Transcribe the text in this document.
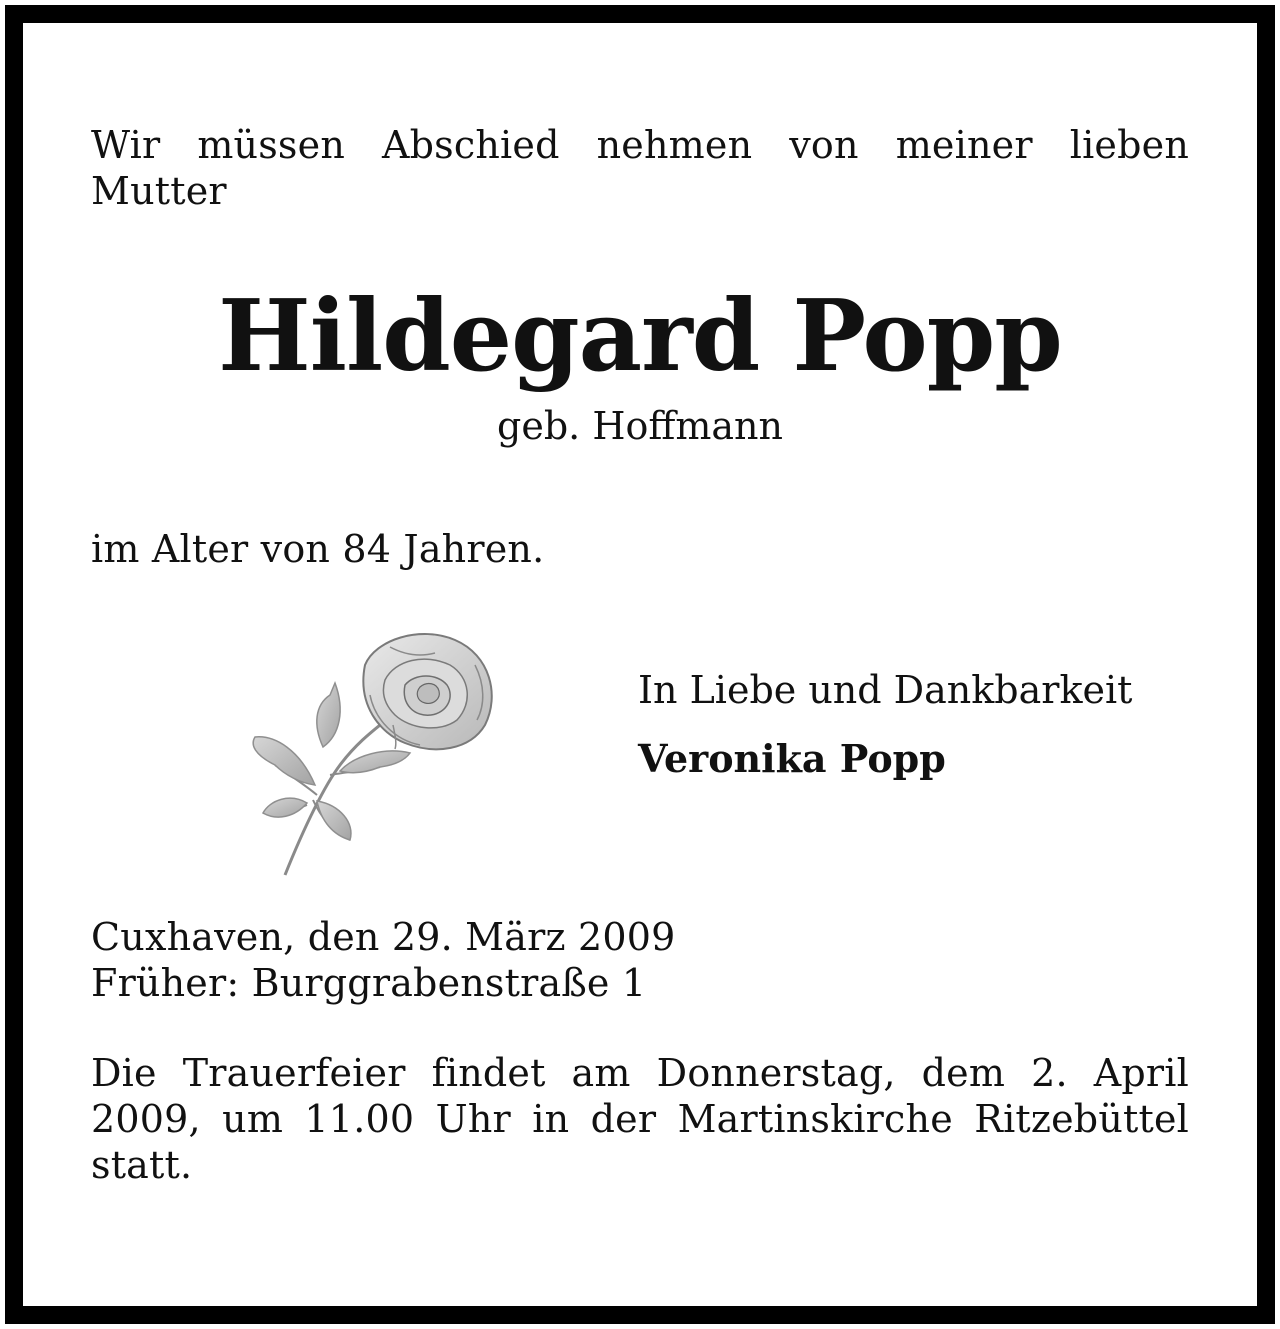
Wir müssen Abschied nehmen von meiner lieben Mutter
Hildegard Popp
geb. Hoffmann
im Alter von 84 Jahren.
In Liebe und Dankbarkeit
Veronika Popp
Cuxhaven, den 29. März 2009
Früher: Burggrabenstraße 1
Die Trauerfeier findet am Donnerstag, dem 2. April 2009, um 11.00 Uhr in der Martinskirche Ritzebüttel statt.
